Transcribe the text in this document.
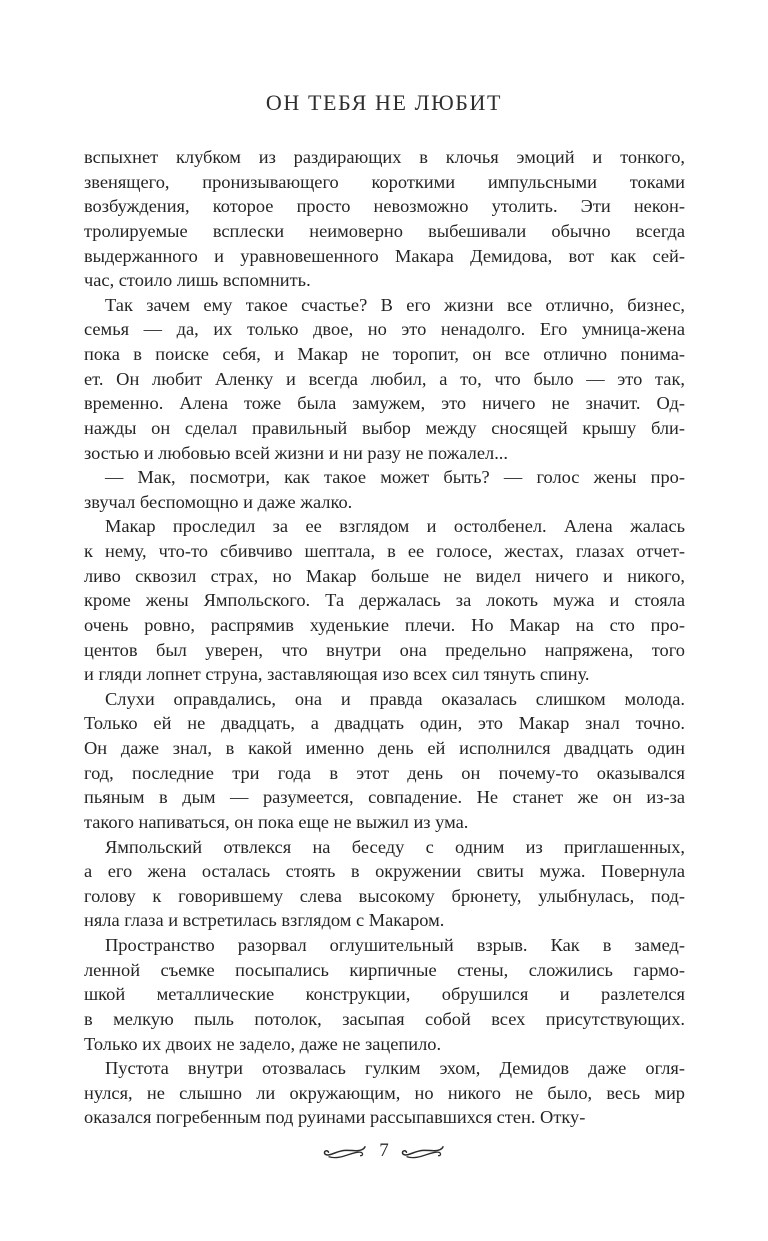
ОН ТЕБЯ НЕ ЛЮБИТ
вспыхнет клубком из раздирающих в клочья эмоций и тонкого,
звенящего, пронизывающего короткими импульсными токами
возбуждения, которое просто невозможно утолить. Эти некон-
тролируемые всплески неимоверно выбешивали обычно всегда
выдержанного и уравновешенного Макара Демидова, вот как сей-
час, стоило лишь вспомнить.
Так зачем ему такое счастье? В его жизни все отлично, бизнес,
семья — да, их только двое, но это ненадолго. Его умница-жена
пока в поиске себя, и Макар не торопит, он все отлично понима-
ет. Он любит Аленку и всегда любил, а то, что было — это так,
временно. Алена тоже была замужем, это ничего не значит. Од-
нажды он сделал правильный выбор между сносящей крышу бли-
зостью и любовью всей жизни и ни разу не пожалел...
— Мак, посмотри, как такое может быть? — голос жены про-
звучал беспомощно и даже жалко.
Макар проследил за ее взглядом и остолбенел. Алена жалась
к нему, что-то сбивчиво шептала, в ее голосе, жестах, глазах отчет-
ливо сквозил страх, но Макар больше не видел ничего и никого,
кроме жены Ямпольского. Та держалась за локоть мужа и стояла
очень ровно, распрямив худенькие плечи. Но Макар на сто про-
центов был уверен, что внутри она предельно напряжена, того
и гляди лопнет струна, заставляющая изо всех сил тянуть спину.
Слухи оправдались, она и правда оказалась слишком молода.
Только ей не двадцать, а двадцать один, это Макар знал точно.
Он даже знал, в какой именно день ей исполнился двадцать один
год, последние три года в этот день он почему-то оказывался
пьяным в дым — разумеется, совпадение. Не станет же он из-за
такого напиваться, он пока еще не выжил из ума.
Ямпольский отвлекся на беседу с одним из приглашенных,
а его жена осталась стоять в окружении свиты мужа. Повернула
голову к говорившему слева высокому брюнету, улыбнулась, под-
няла глаза и встретилась взглядом с Макаром.
Пространство разорвал оглушительный взрыв. Как в замед-
ленной съемке посыпались кирпичные стены, сложились гармо-
шкой металлические конструкции, обрушился и разлетелся
в мелкую пыль потолок, засыпая собой всех присутствующих.
Только их двоих не задело, даже не зацепило.
Пустота внутри отозвалась гулким эхом, Демидов даже огля-
нулся, не слышно ли окружающим, но никого не было, весь мир
оказался погребенным под руинами рассыпавшихся стен. Отку-
7
